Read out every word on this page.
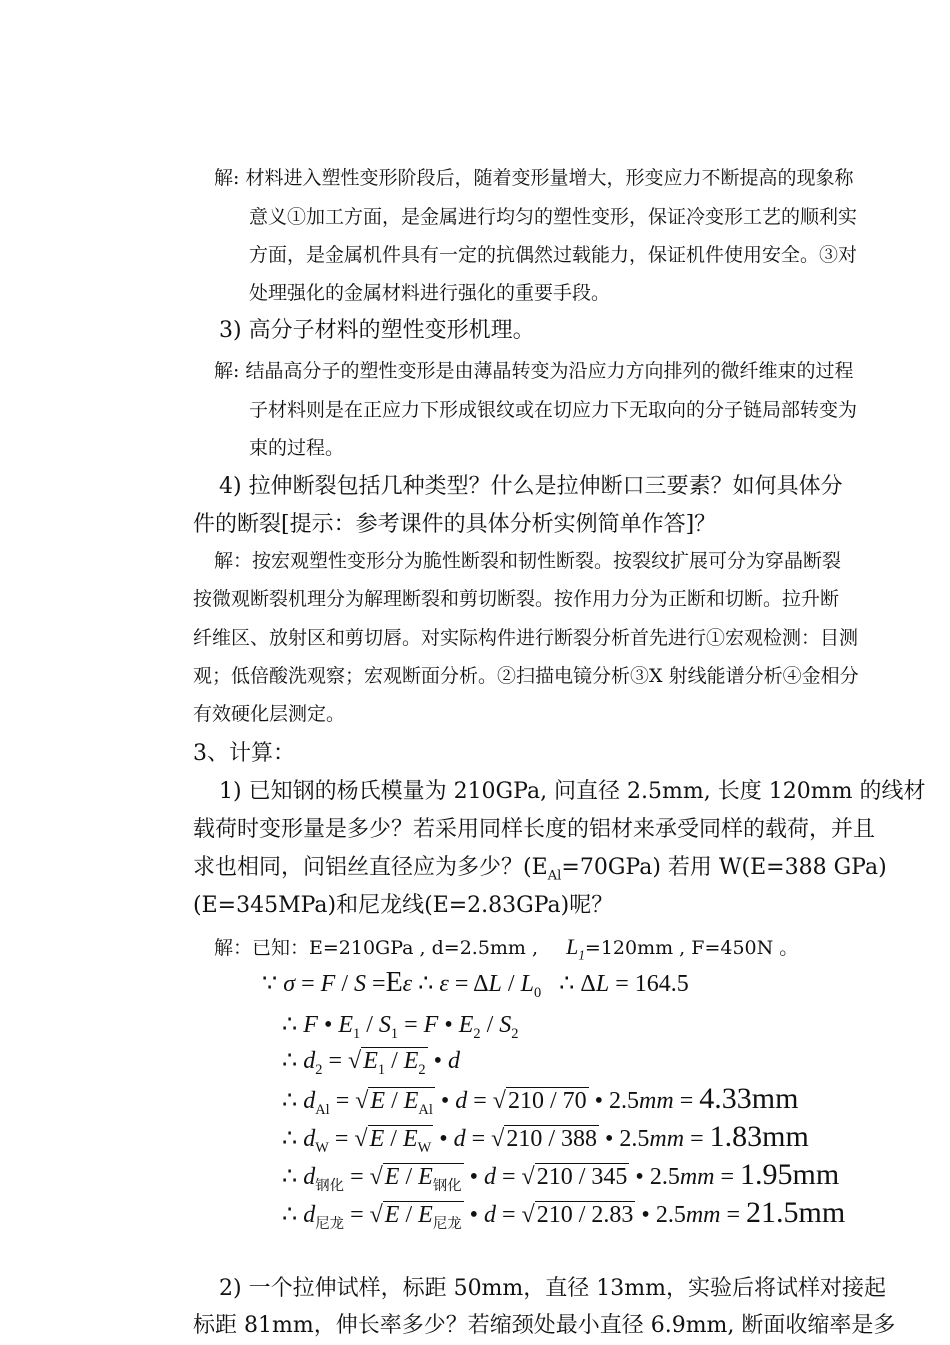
解: 材料进入塑性变形阶段后，随着变形量增大，形变应力不断提高的现象称
意义①加工方面，是金属进行均匀的塑性变形，保证冷变形工艺的顺利实
方面，是金属机件具有一定的抗偶然过载能力，保证机件使用安全。③对
处理强化的金属材料进行强化的重要手段。
3) 高分子材料的塑性变形机理。
解: 结晶高分子的塑性变形是由薄晶转变为沿应力方向排列的微纤维束的过程
子材料则是在正应力下形成银纹或在切应力下无取向的分子链局部转变为
束的过程。
4) 拉伸断裂包括几种类型？什么是拉伸断口三要素？如何具体分
件的断裂[提示：参考课件的具体分析实例简单作答]？
解：按宏观塑性变形分为脆性断裂和韧性断裂。按裂纹扩展可分为穿晶断裂
按微观断裂机理分为解理断裂和剪切断裂。按作用力分为正断和切断。拉升断
纤维区、放射区和剪切唇。对实际构件进行断裂分析首先进行①宏观检测：目测
观；低倍酸洗观察；宏观断面分析。②扫描电镜分析③X 射线能谱分析④金相分
有效硬化层测定。
3、计算：
1) 已知钢的杨氏模量为 210GPa, 问直径 2.5mm, 长度 120mm 的线材
载荷时变形量是多少？若采用同样长度的铝材来承受同样的载荷，并且
求也相同，问铝丝直径应为多少？$(E_{Al}=70GPa)$ 若用 W(E=388 GPa)
(E=345MPa)和尼龙线(E=2.83GPa)呢？
解：已知：E=210GPa , d=2.5mm , $L_1=120mm$ , F=450N 。
∵ σ = F / S =Eε ∴ $\varepsilon = \Delta L / L_0$   ∴ ΔL = 164.5
∴ F • $E_1 / S_1 = F$ • $E_2 / S_2$
∴ $d_2 = √E_1 / E_2$ • d
∴ $d_{Al} = √E / E_{Al}$ • d = √210 / 70 • 2.5mm = 4.33mm
∴ $d_W = √E / E_W$ • d = √210 / 388 • 2.5mm = 1.83mm
∴ $d_{钢化} = √E / E_{钢化}$ • d = √210 / 345 • 2.5mm = 1.95mm
∴ $d_{尼龙} = √E / E_{尼龙}$ • d = √210 / 2.83 • 2.5mm = 21.5mm
2) 一个拉伸试样，标距 50mm，直径 13mm，实验后将试样对接起
标距 81mm，伸长率多少？若缩颈处最小直径 6.9mm, 断面收缩率是多
